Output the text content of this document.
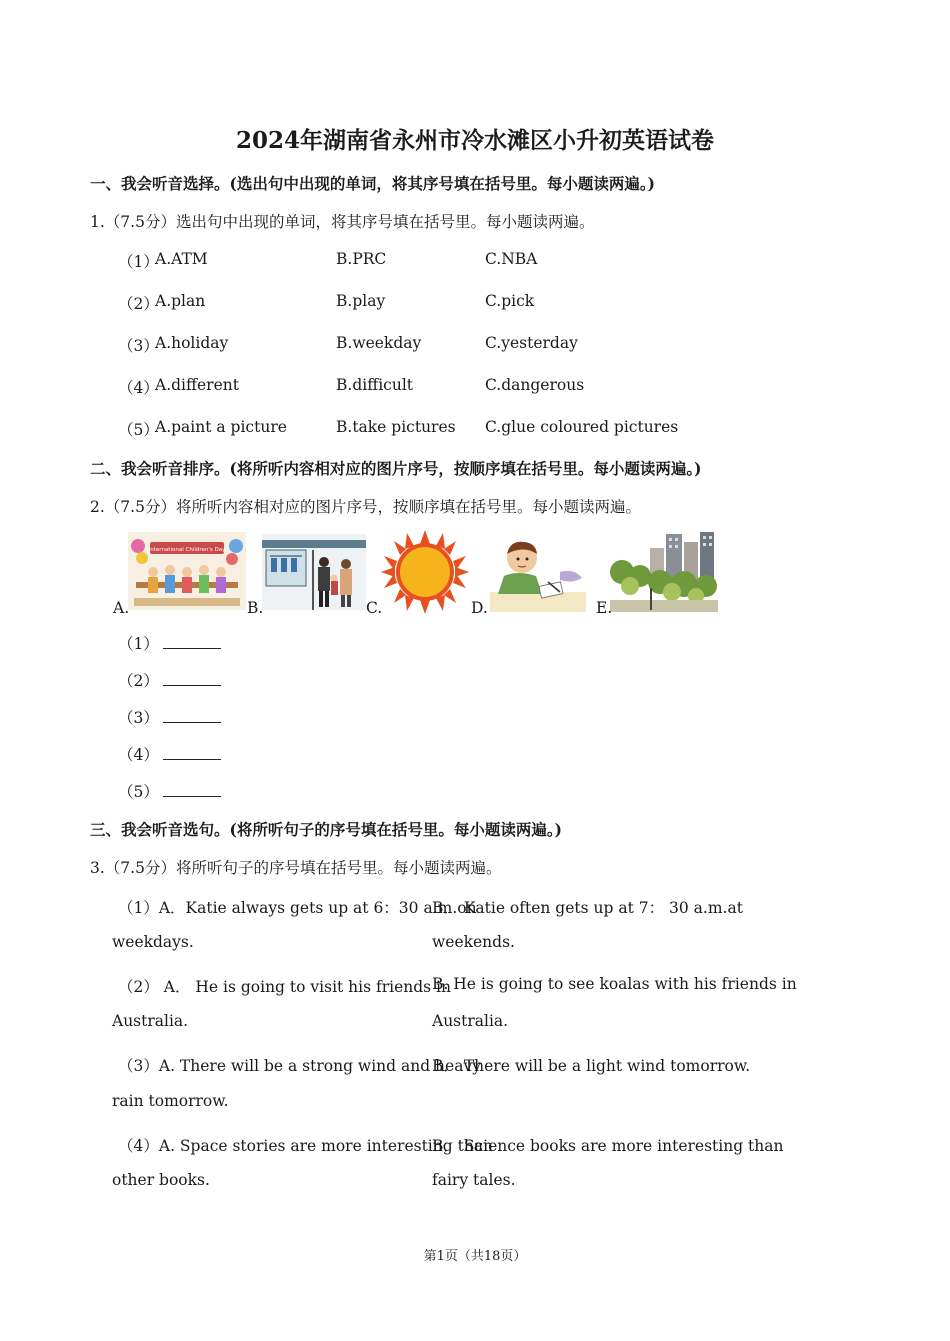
2024年湖南省永州市冷水滩区小升初英语试卷
一、我会听音选择。(选出句中出现的单词，将其序号填在括号里。每小题读两遍。)
1.（7.5分）选出句中出现的单词，将其序号填在括号里。每小题读两遍。
（1）
A.ATM	B.PRC	C.NBA
（2）
A.plan	B.play	C.pick
（3）
A.holiday	B.weekday	C.yesterday
（4）
A.different	B.difficult	C.dangerous
（5）
A.paint a picture	B.take pictures C.glue coloured pictures
二、我会听音排序。(将所听内容相对应的图片序号，按顺序填在括号里。每小题读两遍。)
2.（7.5分）将所听内容相对应的图片序号，按顺序填在括号里。每小题读两遍。
International Children's Day
A.	B.	C.	D.	E.
（1）
（2）
（3）
（4）
（5）
三、我会听音选句。(将所听句子的序号填在括号里。每小题读两遍。)
3.（7.5分）将所听句子的序号填在括号里。每小题读两遍。
（1）A．Katie always gets up at 6：30 a.m.on
weekdays.
B． Katie often gets up at 7： 30 a.m.at
weekends.
（2） A． He is going to visit his friends in
Australia.
B. He is going to see koalas with his friends in
Australia.
（3）A. There will be a strong wind and heavy
rain tomorrow.
B． There will be a light wind tomorrow.
（4）A. Space stories are more interesting than
other books.
B． Science books are more interesting than
fairy tales.
第1页（共18页）
